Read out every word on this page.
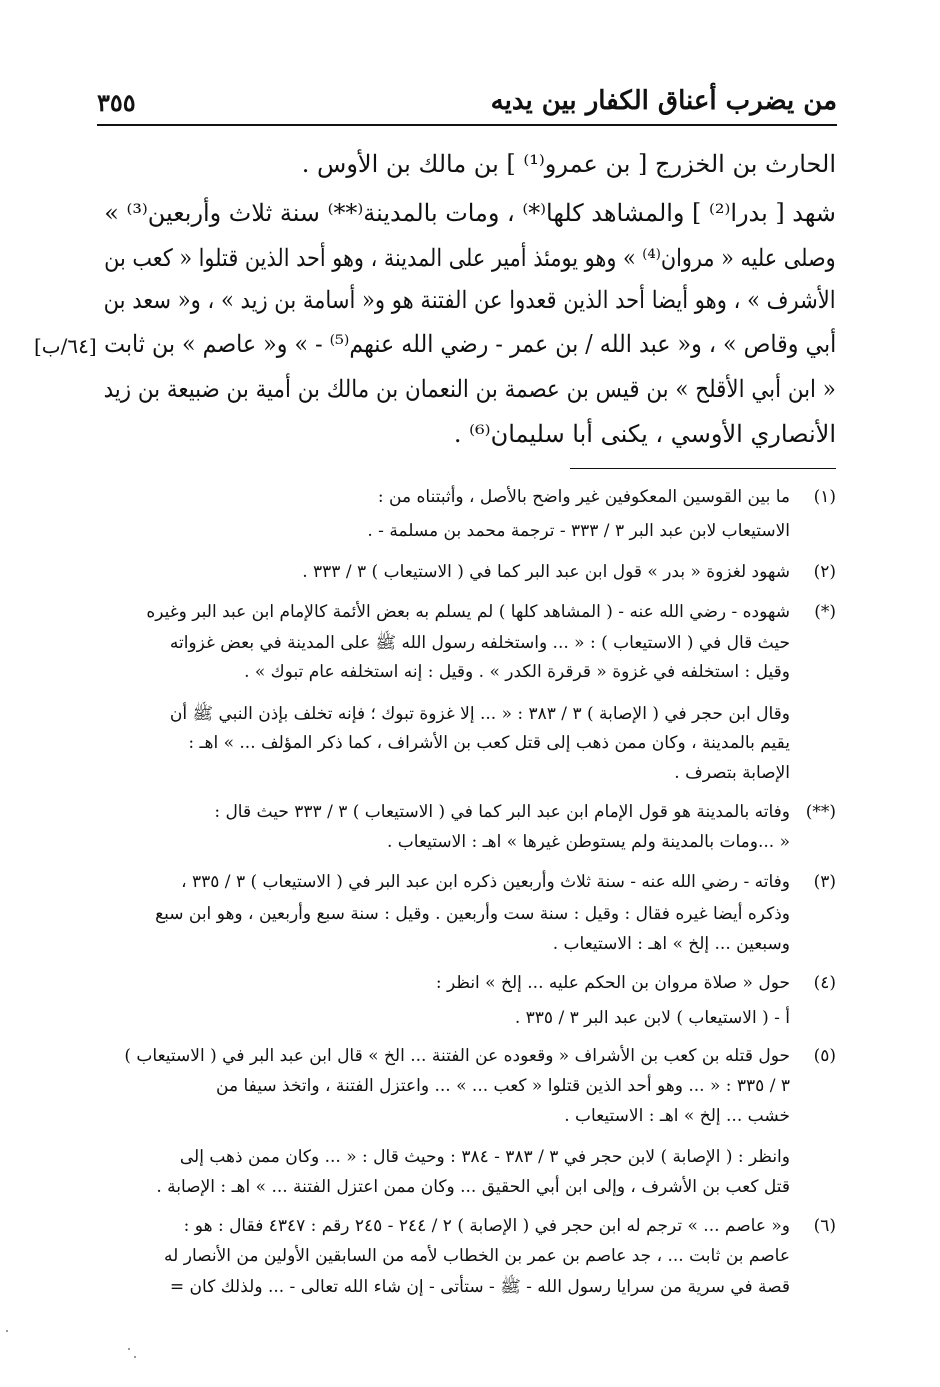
من يضرب أعناق الكفار بين يديه
٣٥٥
الحارث بن الخزرج [ بن عمرو⁽¹⁾ ] بن مالك بن الأوس .
شهد [ بدرا⁽²⁾ ] والمشاهد كلها⁽*⁾ ، ومات بالمدينة⁽**⁾ سنة ثلاث وأربعين⁽³⁾ »
وصلى عليه « مروان⁽⁴⁾ » وهو يومئذ أمير على المدينة ، وهو أحد الذين قتلوا « كعب بن
الأشرف » ، وهو أيضا أحد الذين قعدوا عن الفتنة هو و« أسامة بن زيد » ، و« سعد بن
أبي وقاص » ، و« عبد الله / بن عمر - رضي الله عنهم⁽⁵⁾ - » و« عاصم » بن ثابت
« ابن أبي الأقلح » بن قيس بن عصمة بن النعمان بن مالك بن أمية بن ضبيعة بن زيد
الأنصاري الأوسي ، يكنى أبا سليمان⁽⁶⁾ .
[٦٤/ب]
(١)
ما بين القوسين المعكوفين غير واضح بالأصل ، وأثبتناه من :
الاستيعاب لابن عبد البر ٣ / ٣٣٣ - ترجمة محمد بن مسلمة - .
(٢)
شهود لغزوة « بدر » قول ابن عبد البر كما في ( الاستيعاب ) ٣ / ٣٣٣ .
(*)
شهوده - رضي الله عنه - ( المشاهد كلها ) لم يسلم به بعض الأئمة كالإمام ابن عبد البر وغيره
حيث قال في ( الاستيعاب ) : « ... واستخلفه رسول الله ﷺ على المدينة في بعض غزواته
وقيل : استخلفه في غزوة « قرقرة الكدر » . وقيل : إنه استخلفه عام تبوك » .
وقال ابن حجر في ( الإصابة ) ٣ / ٣٨٣ : « ... إلا غزوة تبوك ؛ فإنه تخلف بإذن النبي ﷺ أن
يقيم بالمدينة ، وكان ممن ذهب إلى قتل كعب بن الأشراف ، كما ذكر المؤلف ... » اهـ :
الإصابة بتصرف .
(**)
وفاته بالمدينة هو قول الإمام ابن عبد البر كما في ( الاستيعاب ) ٣ / ٣٣٣ حيث قال :
« ...ومات بالمدينة ولم يستوطن غيرها » اهـ : الاستيعاب .
(٣)
وفاته - رضي الله عنه - سنة ثلاث وأربعين ذكره ابن عبد البر في ( الاستيعاب ) ٣ / ٣٣٥ ،
وذكره أيضا غيره فقال : وقيل : سنة ست وأربعين . وقيل : سنة سبع وأربعين ، وهو ابن سبع
وسبعين ... إلخ » اهـ : الاستيعاب .
(٤)
حول « صلاة مروان بن الحكم عليه ... إلخ » انظر :
أ - ( الاستيعاب ) لابن عبد البر ٣ / ٣٣٥ .
(٥)
حول قتله بن كعب بن الأشراف « وقعوده عن الفتنة ... الخ » قال ابن عبد البر في ( الاستيعاب )
٣ / ٣٣٥ : « ... وهو أحد الذين قتلوا « كعب ... » ... واعتزل الفتنة ، واتخذ سيفا من
خشب ... إلخ » اهـ : الاستيعاب .
وانظر : ( الإصابة ) لابن حجر في ٣ / ٣٨٣ - ٣٨٤ : وحيث قال : « ... وكان ممن ذهب إلى
قتل كعب بن الأشرف ، وإلى ابن أبي الحقيق ... وكان ممن اعتزل الفتنة ... » اهـ : الإصابة .
(٦)
و« عاصم ... » ترجم له ابن حجر في ( الإصابة ) ٢ / ٢٤٤ - ٢٤٥ رقم : ٤٣٤٧ فقال : هو :
عاصم بن ثابت ... ، جد عاصم بن عمر بن الخطاب لأمه من السابقين الأولين من الأنصار له
قصة في سرية من سرايا رسول الله - ﷺ - ستأتى - إن شاء الله تعالى - ... ولذلك كان =
